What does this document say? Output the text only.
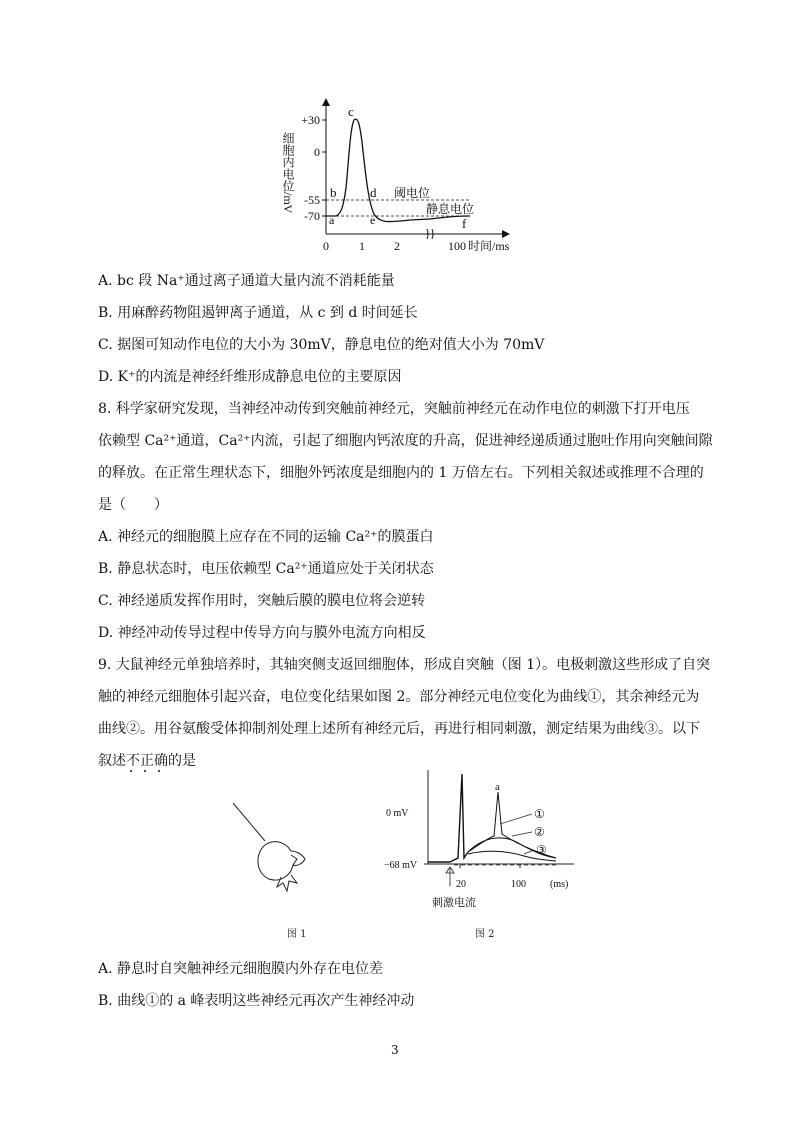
+30
0
-55
-70
0	1 2	100 时间/ms
细胞内电位/mV
a
b
c
d
e	f
阈电位
静息电位
A. bc 段 Na⁺通过离子通道大量内流不消耗能量
B. 用麻醉药物阻遏钾离子通道，从 c 到 d 时间延长
C. 据图可知动作电位的大小为 30mV，静息电位的绝对值大小为 70mV
D. K⁺的内流是神经纤维形成静息电位的主要原因
8. 科学家研究发现，当神经冲动传到突触前神经元，突触前神经元在动作电位的刺激下打开电压
依赖型 Ca²⁺通道，Ca²⁺内流，引起了细胞内钙浓度的升高，促进神经递质通过胞吐作用向突触间隙
的释放。在正常生理状态下，细胞外钙浓度是细胞内的 1 万倍左右。下列相关叙述或推理不合理的
是（　　）
A. 神经元的细胞膜上应存在不同的运输 Ca²⁺的膜蛋白
B. 静息状态时，电压依赖型 Ca²⁺通道应处于关闭状态
C. 神经递质发挥作用时，突触后膜的膜电位将会逆转
D. 神经冲动传导过程中传导方向与膜外电流方向相反
9. 大鼠神经元单独培养时，其轴突侧支返回细胞体，形成自突触（图 1）。电极刺激这些形成了自突
触的神经元细胞体引起兴奋，电位变化结果如图 2。部分神经元电位变化为曲线①，其余神经元为
曲线②。用谷氨酸受体抑制剂处理上述所有神经元后，再进行相同刺激，测定结果为曲线③。以下
叙述不正确的是
图 1
0 mV
−68 mV
a
①
②
③
20	100 (ms)
刺激电流
图 2
A. 静息时自突触神经元细胞膜内外存在电位差
B. 曲线①的 a 峰表明这些神经元再次产生神经冲动
3
